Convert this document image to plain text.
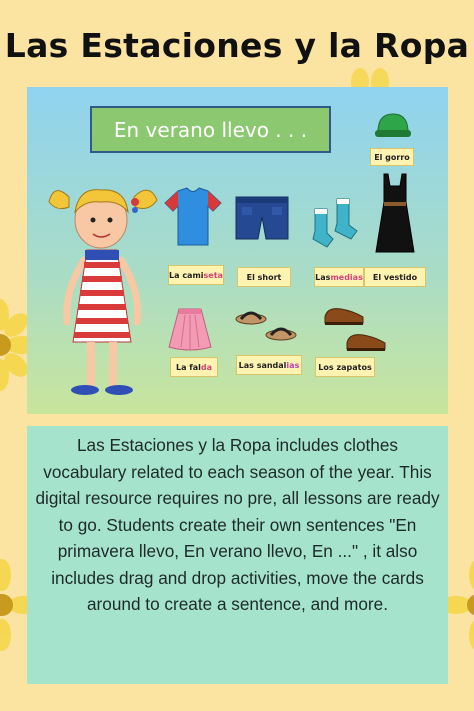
Las Estaciones y la Ropa
En verano llevo . . .
El gorro
La cami seta	El short	Las medias	El vestido
La fal da	Las sandal ias	Los zapatos
Las Estaciones y la Ropa includes clothes vocabulary related to each season of the year. This digital resource requires no pre, all lessons are ready to go. Students create their own sentences "En primavera llevo, En verano llevo, En ..." , it also includes drag and drop activities, move the cards around to create a sentence, and more.
